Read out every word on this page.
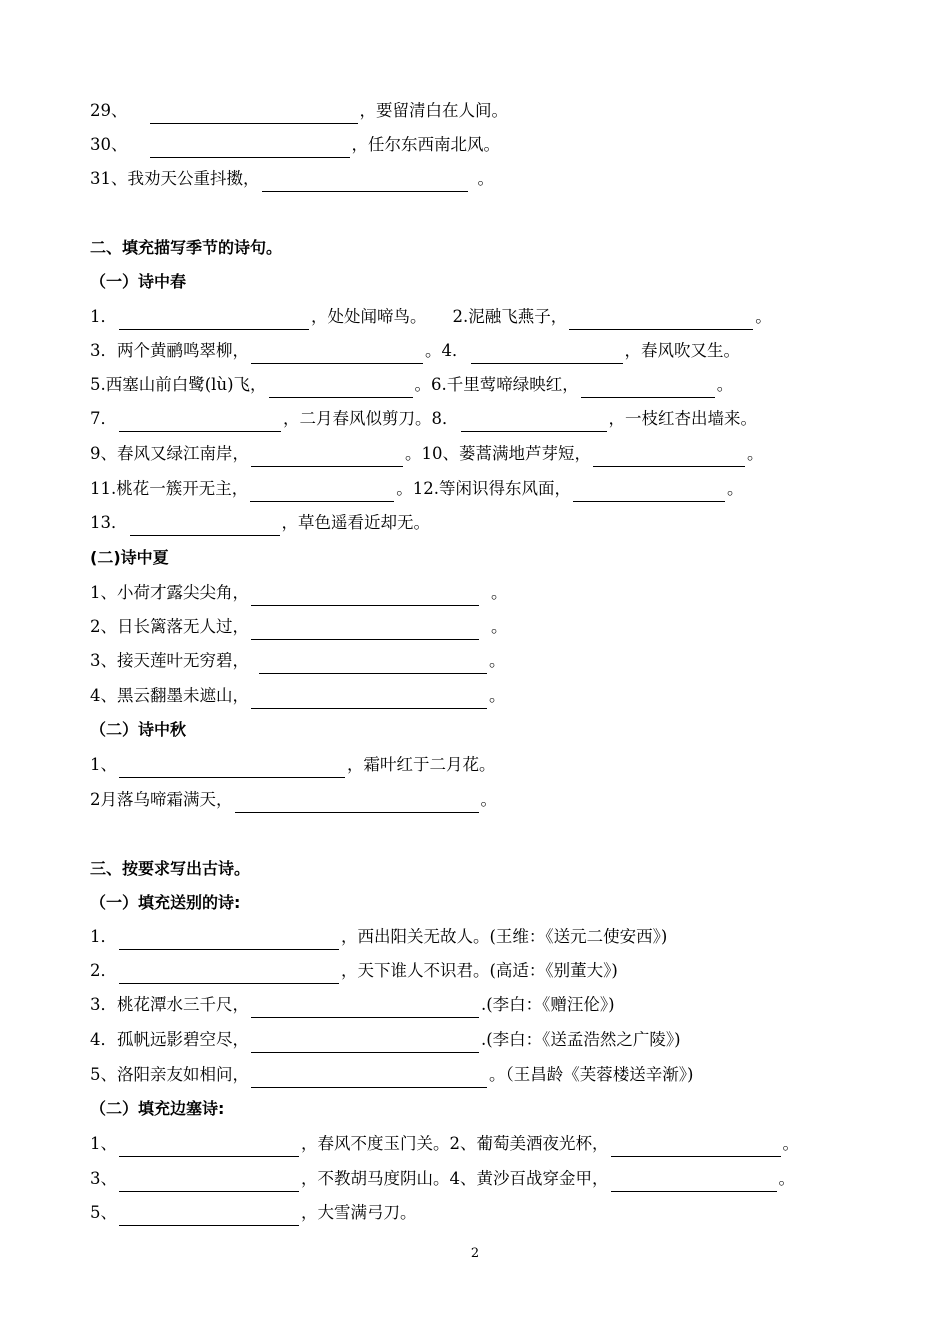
29、	，要留清白在人间。
30、	，任尔东西南北风。
31、我劝天公重抖擞，	。
二、填充描写季节的诗句。
（一）诗中春
1．	，处处闻啼鸟。 2.泥融飞燕子，	。
3．两个黄鹂鸣翠柳，	。 4．	，春风吹又生。
5.西塞山前白鹭(lù)飞，	。 6.千里莺啼绿映红，	。
7．	，二月春风似剪刀。 8．	，一枝红杏出墙来。
9、春风又绿江南岸，	。 10、蒌蒿满地芦芽短，	。
11.桃花一簇开无主，	。 12.等闲识得东风面，	。
13．	，草色遥看近却无。
(二)诗中夏
1、小荷才露尖尖角，	。
2、日长篱落无人过，	。
3、接天莲叶无穷碧，	。
4、黑云翻墨未遮山，	。
（二）诗中秋
1、	，霜叶红于二月花。
2月落乌啼霜满天，	。
三、按要求写出古诗。
（一）填充送别的诗:
1．	，西出阳关无故人。(王维：《送元二使安西》)
2．	，天下谁人不识君。(高适：《别董大》)
3．桃花潭水三千尺，	.(李白：《赠汪伦》)
4．孤帆远影碧空尽，	.(李白：《送孟浩然之广陵》)
5、洛阳亲友如相问，	。（王昌龄《芙蓉楼送辛渐》)
（二）填充边塞诗:
1、	，春风不度玉门关。 2、葡萄美酒夜光杯，	。
3、	，不教胡马度阴山。 4、黄沙百战穿金甲，	。
5、	，大雪满弓刀。
2
